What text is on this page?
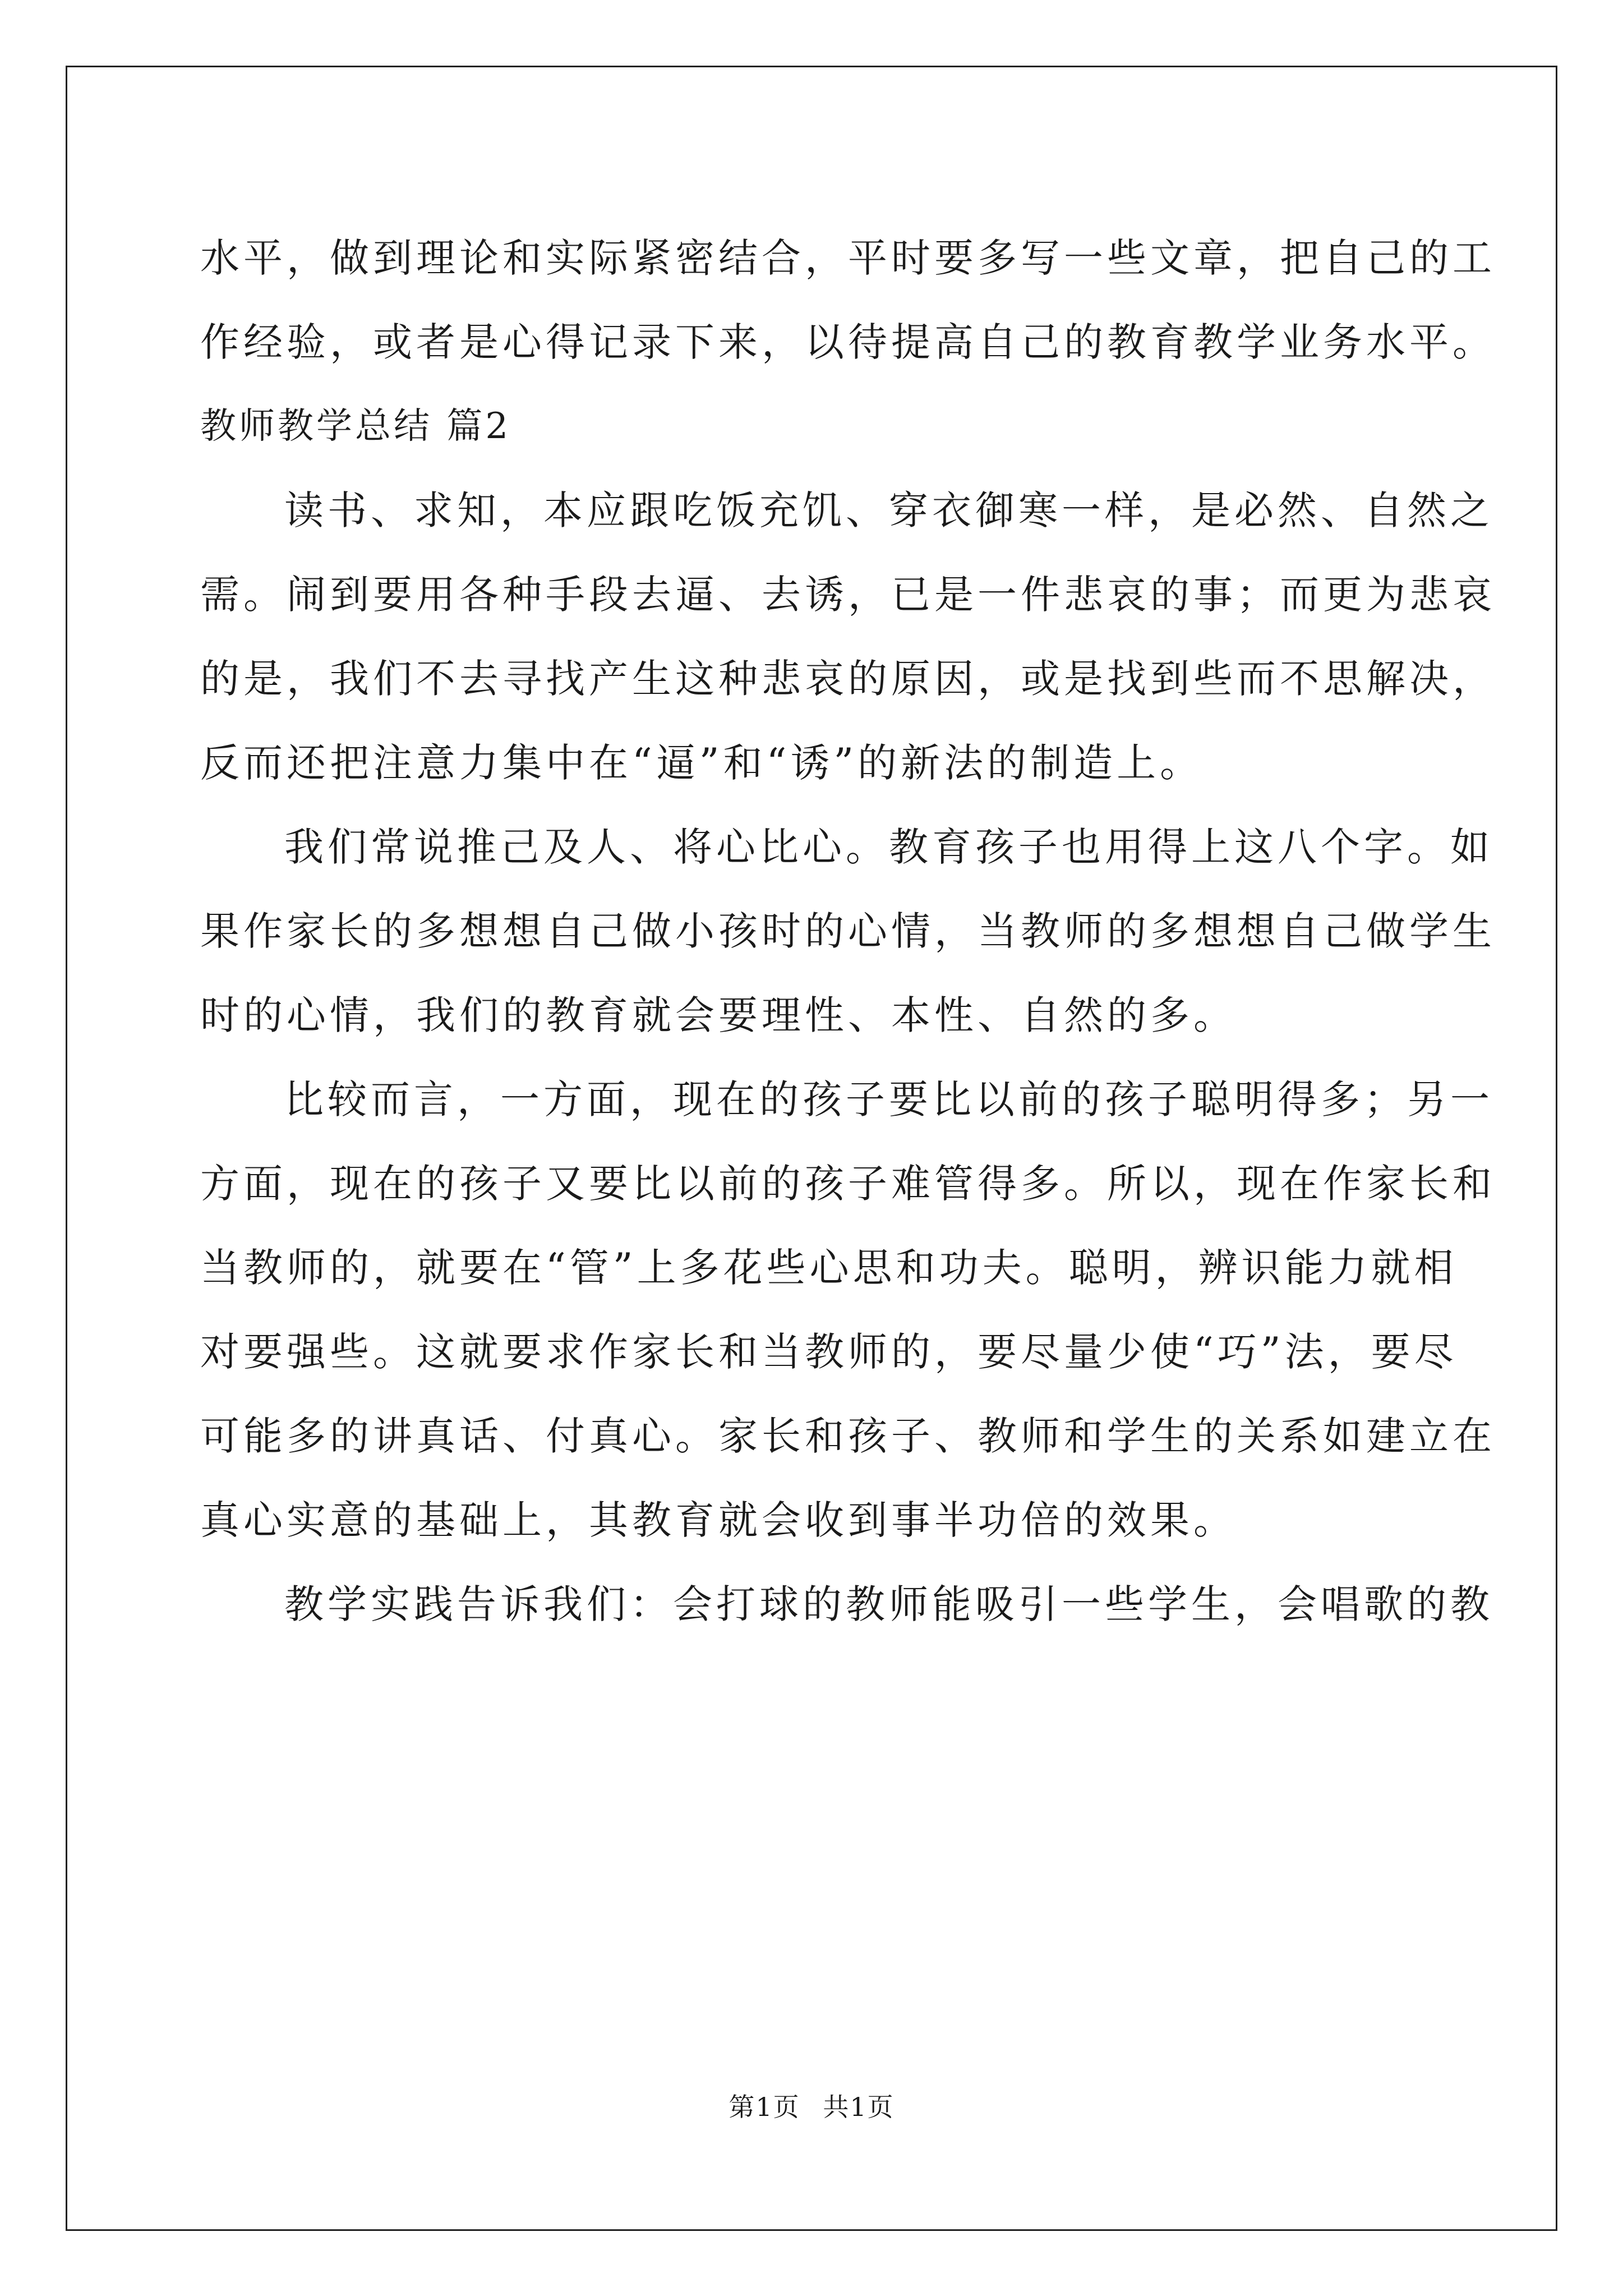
水平，做到理论和实际紧密结合，平时要多写一些文章，把自己的工
作经验，或者是心得记录下来，以待提高自己的教育教学业务水平。
教师教学总结 篇2
读书、求知，本应跟吃饭充饥、穿衣御寒一样，是必然、自然之
需。闹到要用各种手段去逼、去诱，已是一件悲哀的事；而更为悲哀
的是，我们不去寻找产生这种悲哀的原因，或是找到些而不思解决，
反而还把注意力集中在“逼”和“诱”的新法的制造上。
我们常说推己及人、将心比心。教育孩子也用得上这八个字。如
果作家长的多想想自己做小孩时的心情，当教师的多想想自己做学生
时的心情，我们的教育就会要理性、本性、自然的多。
比较而言，一方面，现在的孩子要比以前的孩子聪明得多；另一
方面，现在的孩子又要比以前的孩子难管得多。所以，现在作家长和
当教师的，就要在“管”上多花些心思和功夫。聪明，辨识能力就相
对要强些。这就要求作家长和当教师的，要尽量少使“巧”法，要尽
可能多的讲真话、付真心。家长和孩子、教师和学生的关系如建立在
真心实意的基础上，其教育就会收到事半功倍的效果。
教学实践告诉我们：会打球的教师能吸引一些学生，会唱歌的教
第1页 共1页
